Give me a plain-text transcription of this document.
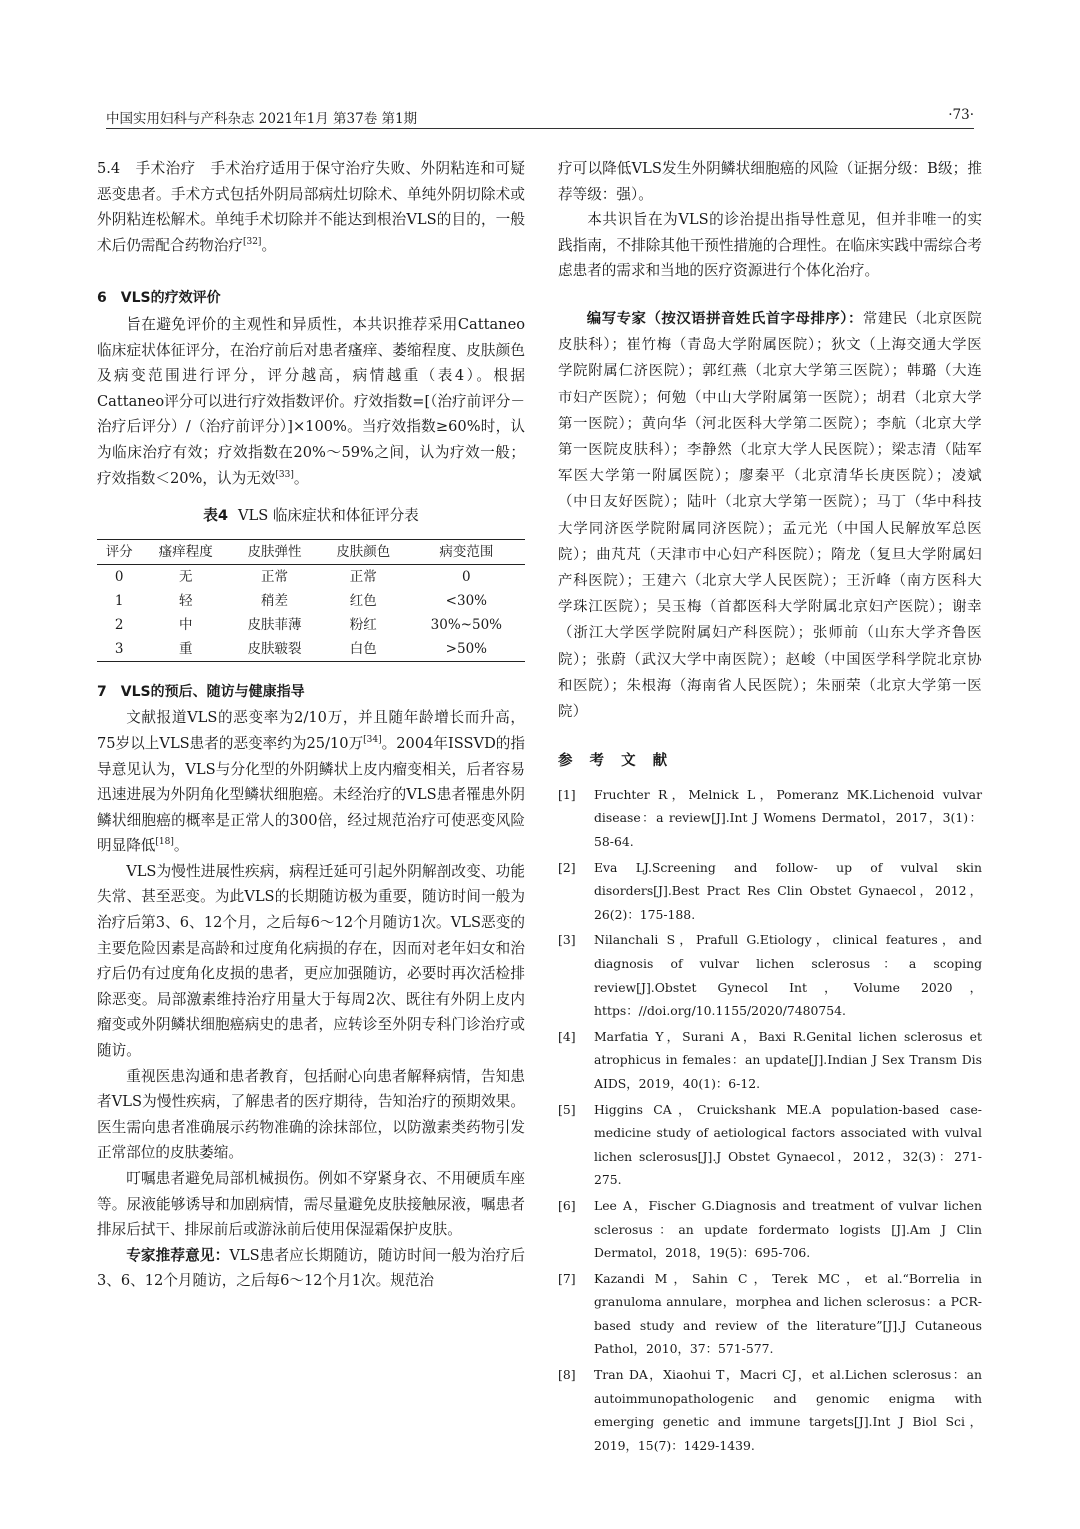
中国实用妇科与产科杂志 2021年1月 第37卷 第1期	·73·

5.4　手术治疗　手术治疗适用于保守治疗失败、外阴粘连和可疑恶变患者。手术方式包括外阴局部病灶切除术、单纯外阴切除术或外阴粘连松解术。单纯手术切除并不能达到根治VLS的目的，一般术后仍需配合药物治疗[32]。

6　VLS的疗效评价

旨在避免评价的主观性和异质性，本共识推荐采用Cattaneo临床症状体征评分，在治疗前后对患者瘙痒、萎缩程度、皮肤颜色及病变范围进行评分，评分越高，病情越重（表4）。根据Cattaneo评分可以进行疗效指数评价。疗效指数=[（治疗前评分－治疗后评分）/（治疗前评分）]×100%。当疗效指数≥60%时，认为临床治疗有效；疗效指数在20%～59%之间，认为疗效一般；疗效指数＜20%，认为无效[33]。

表4 VLS 临床症状和体征评分表

评分	瘙痒程度	皮肤弹性	皮肤颜色	病变范围
0	无	正常	正常	0
1	轻	稍差	红色	<30%
2	中	皮肤菲薄	粉红	30%~50%
3	重	皮肤皲裂	白色	>50%

7　VLS的预后、随访与健康指导

文献报道VLS的恶变率为2/10万，并且随年龄增长而升高，75岁以上VLS患者的恶变率约为25/10万[34]。2004年ISSVD的指导意见认为，VLS与分化型的外阴鳞状上皮内瘤变相关，后者容易迅速进展为外阴角化型鳞状细胞癌。未经治疗的VLS患者罹患外阴鳞状细胞癌的概率是正常人的300倍，经过规范治疗可使恶变风险明显降低[18]。

VLS为慢性进展性疾病，病程迁延可引起外阴解剖改变、功能失常、甚至恶变。为此VLS的长期随访极为重要，随访时间一般为治疗后第3、6、12个月，之后每6～12个月随访1次。VLS恶变的主要危险因素是高龄和过度角化病损的存在，因而对老年妇女和治疗后仍有过度角化皮损的患者，更应加强随访，必要时再次活检排除恶变。局部激素维持治疗用量大于每周2次、既往有外阴上皮内瘤变或外阴鳞状细胞癌病史的患者，应转诊至外阴专科门诊治疗或随访。

重视医患沟通和患者教育，包括耐心向患者解释病情，告知患者VLS为慢性疾病，了解患者的医疗期待，告知治疗的预期效果。医生需向患者准确展示药物准确的涂抹部位，以防激素类药物引发正常部位的皮肤萎缩。

叮嘱患者避免局部机械损伤。例如不穿紧身衣、不用硬质车座等。尿液能够诱导和加剧病情，需尽量避免皮肤接触尿液，嘱患者排尿后拭干、排尿前后或游泳前后使用保湿霜保护皮肤。

专家推荐意见：VLS患者应长期随访，随访时间一般为治疗后3、6、12个月随访，之后每6～12个月1次。规范治

疗可以降低VLS发生外阴鳞状细胞癌的风险（证据分级：B级；推荐等级：强）。

本共识旨在为VLS的诊治提出指导性意见，但并非唯一的实践指南，不排除其他干预性措施的合理性。在临床实践中需综合考虑患者的需求和当地的医疗资源进行个体化治疗。

编写专家（按汉语拼音姓氏首字母排序）：常建民（北京医院皮肤科）；崔竹梅（青岛大学附属医院）；狄文（上海交通大学医学院附属仁济医院）；郭红燕（北京大学第三医院）；韩璐（大连市妇产医院）；何勉（中山大学附属第一医院）；胡君（北京大学第一医院）；黄向华（河北医科大学第二医院）；李航（北京大学第一医院皮肤科）；李静然（北京大学人民医院）；梁志清（陆军军医大学第一附属医院）；廖秦平（北京清华长庚医院）；凌斌（中日友好医院）；陆叶（北京大学第一医院）；马丁（华中科技大学同济医学院附属同济医院）；孟元光（中国人民解放军总医院）；曲芃芃（天津市中心妇产科医院）；隋龙（复旦大学附属妇产科医院）；王建六（北京大学人民医院）；王沂峰（南方医科大学珠江医院）；吴玉梅（首都医科大学附属北京妇产医院）；谢幸（浙江大学医学院附属妇产科医院）；张师前（山东大学齐鲁医院）；张蔚（武汉大学中南医院）；赵峻（中国医学科学院北京协和医院）；朱根海（海南省人民医院）；朱丽荣（北京大学第一医院）

参 考 文 献

[1]	Fruchter R，Melnick L，Pomeranz MK.Lichenoid vulvar disease：a review[J].Int J Womens Dermatol，2017，3(1)：58-64.
[2]	Eva LJ.Screening and follow- up of vulval skin disorders[J].Best Pract Res Clin Obstet Gynaecol，2012，26(2)：175-188.
[3]	Nilanchali S，Prafull G.Etiology，clinical features，and diagnosis of vulvar lichen sclerosus：a scoping review[J].Obstet Gynecol Int，Volume 2020，https：//doi.org/10.1155/2020/7480754.
[4]	Marfatia Y，Surani A，Baxi R.Genital lichen sclerosus et atrophicus in females：an update[J].Indian J Sex Transm Dis AIDS，2019，40(1)：6-12.
[5]	Higgins CA，Cruickshank ME.A population-based case-medicine study of aetiological factors associated with vulval lichen sclerosus[J].J Obstet Gynaecol，2012，32(3)：271-275.
[6]	Lee A，Fischer G.Diagnosis and treatment of vulvar lichen sclerosus：an update fordermato logists [J].Am J Clin Dermatol，2018，19(5)：695-706.
[7]	Kazandi M，Sahin C，Terek MC，et al.“Borrelia in granuloma annulare，morphea and lichen sclerosus：a PCR-based study and review of the literature”[J].J Cutaneous Pathol，2010，37：571-577.
[8]	Tran DA，Xiaohui T，Macri CJ，et al.Lichen sclerosus：an autoimmunopathologenic and genomic enigma with emerging genetic and immune targets[J].Int J Biol Sci，2019，15(7)：1429-1439.
